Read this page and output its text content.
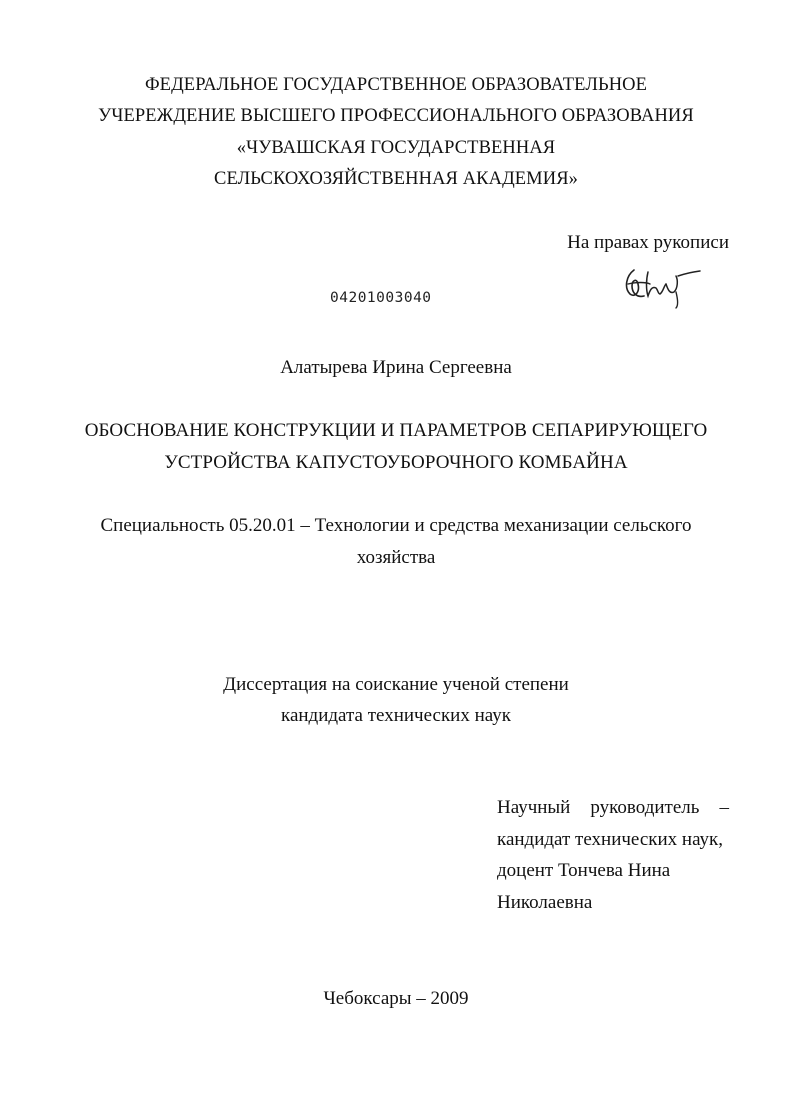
ФЕДЕРАЛЬНОЕ ГОСУДАРСТВЕННОЕ ОБРАЗОВАТЕЛЬНОЕ
УЧЕРЕЖДЕНИЕ ВЫСШЕГО ПРОФЕССИОНАЛЬНОГО ОБРАЗОВАНИЯ
«ЧУВАШСКАЯ ГОСУДАРСТВЕННАЯ
СЕЛЬСКОХОЗЯЙСТВЕННАЯ АКАДЕМИЯ»
На правах рукописи
04201003040
Алатырева Ирина Сергеевна
ОБОСНОВАНИЕ КОНСТРУКЦИИ И ПАРАМЕТРОВ СЕПАРИРУЮЩЕГО
УСТРОЙСТВА КАПУСТОУБОРОЧНОГО КОМБАЙНА
Специальность 05.20.01 – Технологии и средства механизации сельского
хозяйства
Диссертация на соискание ученой степени
кандидата технических наук
Научный руководитель –
кандидат технических наук,
доцент Тончева Нина
Николаевна
Чебоксары – 2009
